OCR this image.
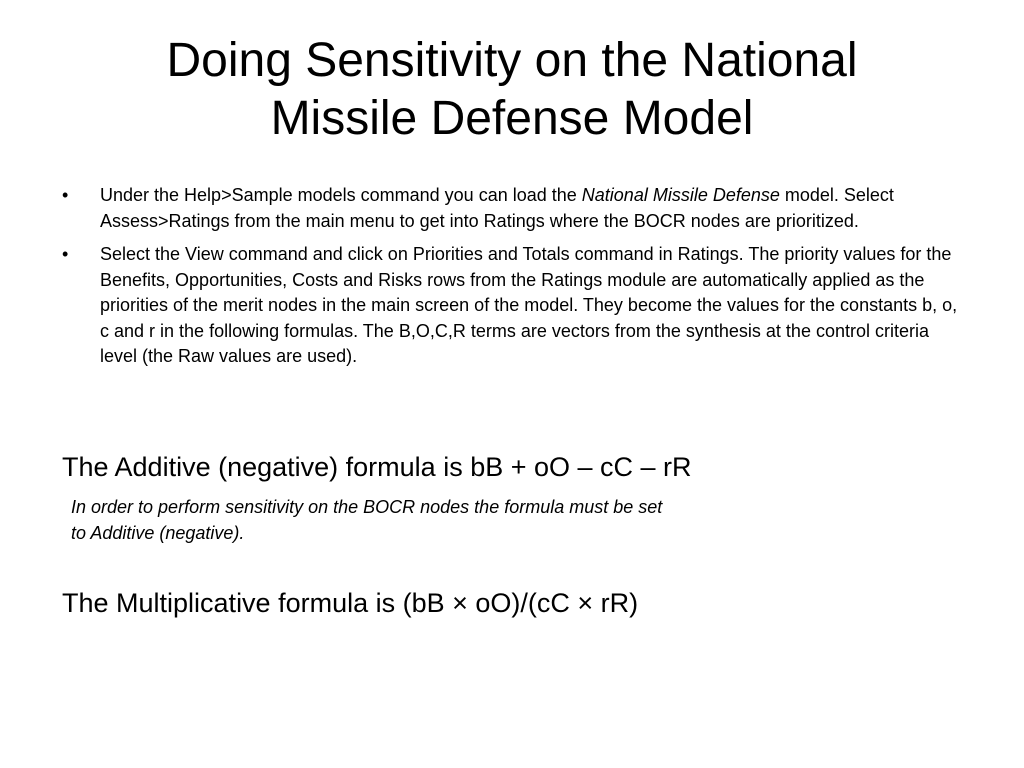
Doing Sensitivity on the National
Missile Defense Model
•	Under the Help>Sample models command you can load the National Missile Defense model. Select Assess>Ratings from the main menu to get into Ratings where the BOCR nodes are prioritized.
•	Select the View command and click on Priorities and Totals command in Ratings. The priority values for the Benefits, Opportunities, Costs and Risks rows from the Ratings module are automatically applied as the priorities of the merit nodes in the main screen of the model. They become the values for the constants b, o, c and r in the following formulas. The B,O,C,R terms are vectors from the synthesis at the control criteria level (the Raw values are used).

The Additive (negative) formula is bB + oO – cC – rR

In order to perform sensitivity on the BOCR nodes the formula must be set
to Additive (negative).

The Multiplicative formula is (bB × oO)/(cC × rR)
